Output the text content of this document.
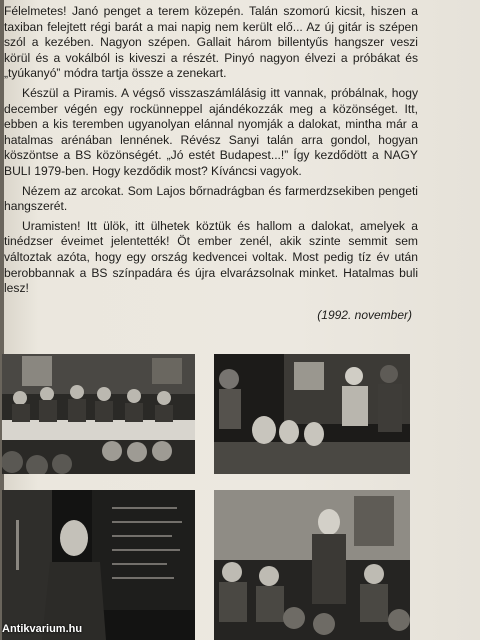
Félelmetes! Janó penget a terem közepén. Talán szomorú kicsit, hiszen a taxiban felejtett régi barát a mai napig nem került elő... Az új gitár is szépen szól a kezében. Nagyon szépen. Gallait három billentyűs hangszer veszi körül és a vokálból is kiveszi a részét. Pinyó nagyon élvezi a próbákat és „tyúkanyó” módra tartja össze a zenekart.

Készül a Piramis. A végső visszaszámlálásig itt vannak, próbálnak, hogy december végén egy rockünneppel ajándékozzák meg a közönséget. Itt, ebben a kis teremben ugyanolyan elánnal nyomják a dalokat, mintha már a hatalmas arénában lennének. Révész Sanyi talán arra gondol, hogyan köszöntse a BS közönségét. „Jó estét Budapest...!” Így kezdődött a NAGY BULI 1979-ben. Hogy kezdődik most? Kíváncsi vagyok.

Nézem az arcokat. Som Lajos bőrnadrágban és farmerdzsekiben pengeti hangszerét.

Uramisten! Itt ülök, itt ülhetek köztük és hallom a dalokat, amelyek a tinédzser éveimet jelentették! Öt ember zenél, akik szinte semmit sem változtak azóta, hogy egy ország kedvencei voltak. Most pedig tíz év után berobbannak a BS színpadára és újra elvarázsolnak minket. Hatalmas buli lesz!

(1992. november)
Antikvarium.hu
